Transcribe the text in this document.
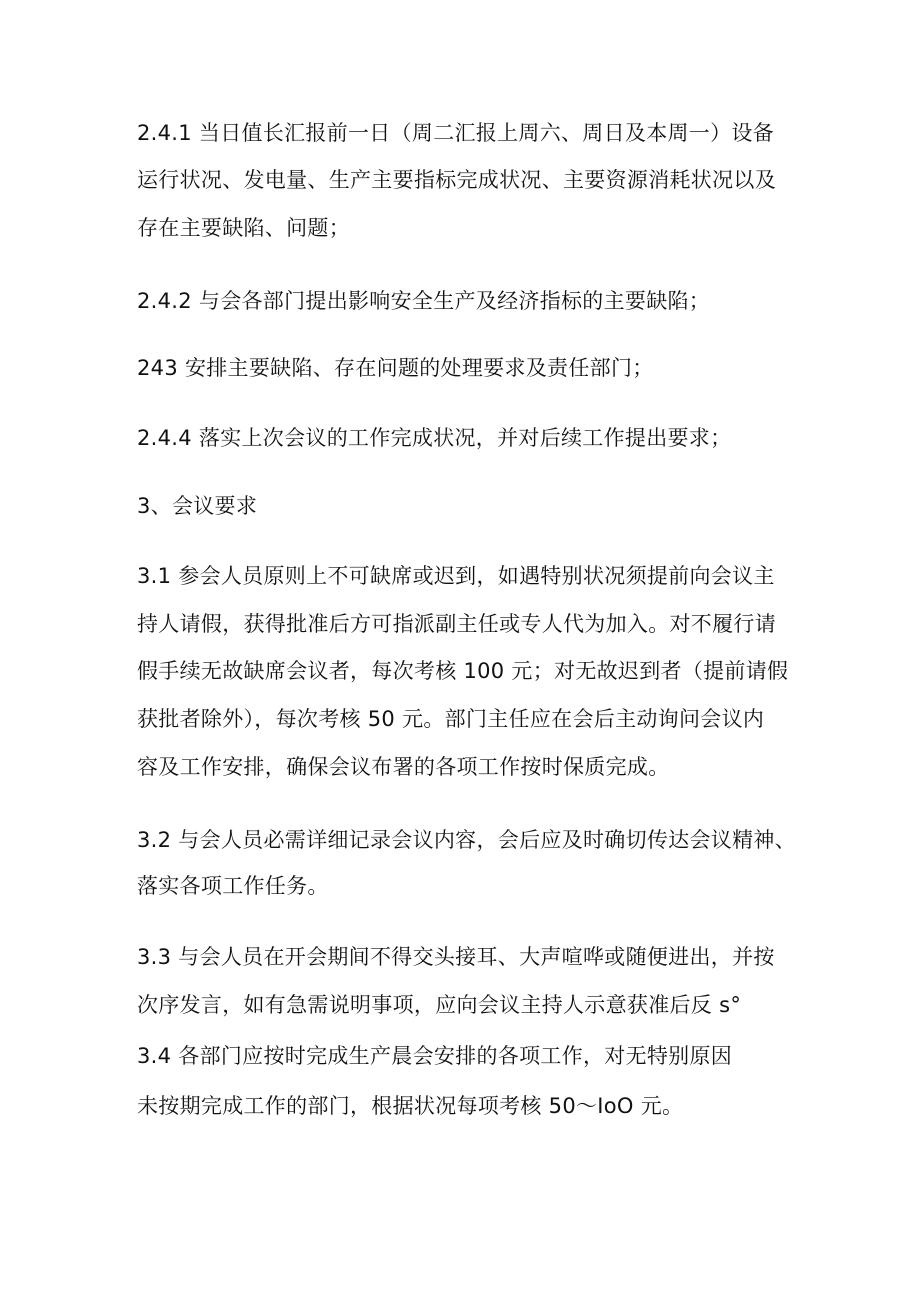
2.4.1 当日值长汇报前一日（周二汇报上周六、周日及本周一）设备
运行状况、发电量、生产主要指标完成状况、主要资源消耗状况以及
存在主要缺陷、问题；
2.4.2 与会各部门提出影响安全生产及经济指标的主要缺陷；
243 安排主要缺陷、存在问题的处理要求及责任部门；
2.4.4 落实上次会议的工作完成状况，并对后续工作提出要求；
3、会议要求
3.1 参会人员原则上不可缺席或迟到，如遇特别状况须提前向会议主
持人请假，获得批准后方可指派副主任或专人代为加入。对不履行请
假手续无故缺席会议者，每次考核 100 元；对无故迟到者（提前请假
获批者除外），每次考核 50 元。部门主任应在会后主动询问会议内
容及工作安排，确保会议布署的各项工作按时保质完成。
3.2 与会人员必需详细记录会议内容，会后应及时确切传达会议精神、
落实各项工作任务。
3.3 与会人员在开会期间不得交头接耳、大声喧哗或随便进出，并按
次序发言，如有急需说明事项，应向会议主持人示意获准后反 s°
3.4 各部门应按时完成生产晨会安排的各项工作，对无特别原因
未按期完成工作的部门，根据状况每项考核 50～IoO 元。
